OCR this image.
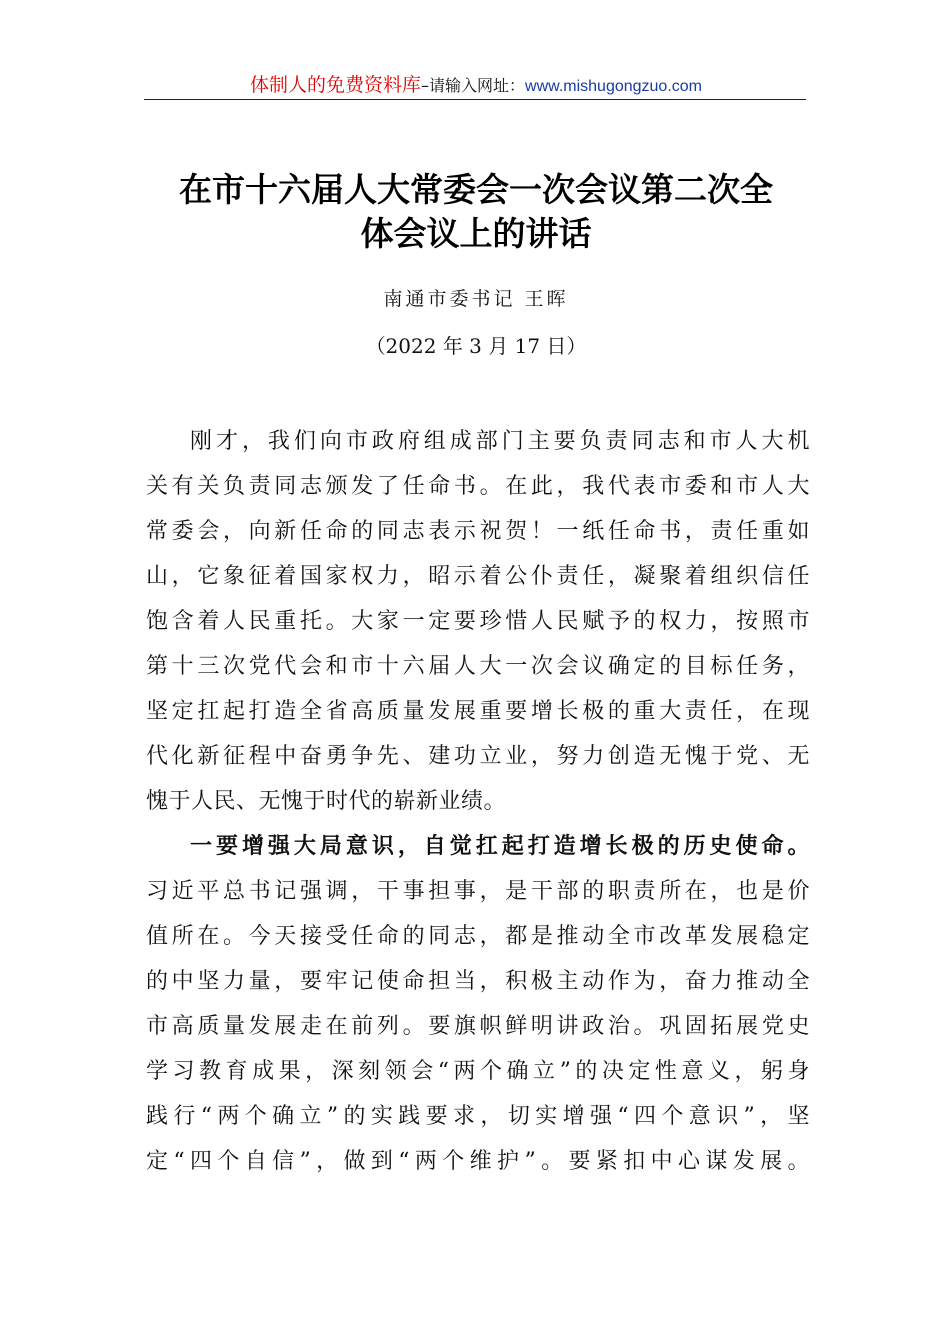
体制人的免费资料库–请输入网址：www.mishugongzuo.com
在市十六届人大常委会一次会议第二次全
体会议上的讲话
南通市委书记 王晖
（2022 年 3 月 17 日）
刚才，我们向市政府组成部门主要负责同志和市人大机
关有关负责同志颁发了任命书。在此，我代表市委和市人大
常委会，向新任命的同志表示祝贺！一纸任命书，责任重如
山，它象征着国家权力，昭示着公仆责任，凝聚着组织信任
饱含着人民重托。大家一定要珍惜人民赋予的权力，按照市
第十三次党代会和市十六届人大一次会议确定的目标任务，
坚定扛起打造全省高质量发展重要增长极的重大责任，在现
代化新征程中奋勇争先、建功立业，努力创造无愧于党、无
愧于人民、无愧于时代的崭新业绩。
一要增强大局意识，自觉扛起打造增长极的历史使命。
习近平总书记强调，干事担事，是干部的职责所在，也是价
值所在。今天接受任命的同志，都是推动全市改革发展稳定
的中坚力量，要牢记使命担当，积极主动作为，奋力推动全
市高质量发展走在前列。要旗帜鲜明讲政治。巩固拓展党史
学习教育成果，深刻领会“两个确立”的决定性意义，躬身
践行“两个确立”的实践要求，切实增强“四个意识”，坚
定“四个自信”，做到“两个维护”。要紧扣中心谋发展。
